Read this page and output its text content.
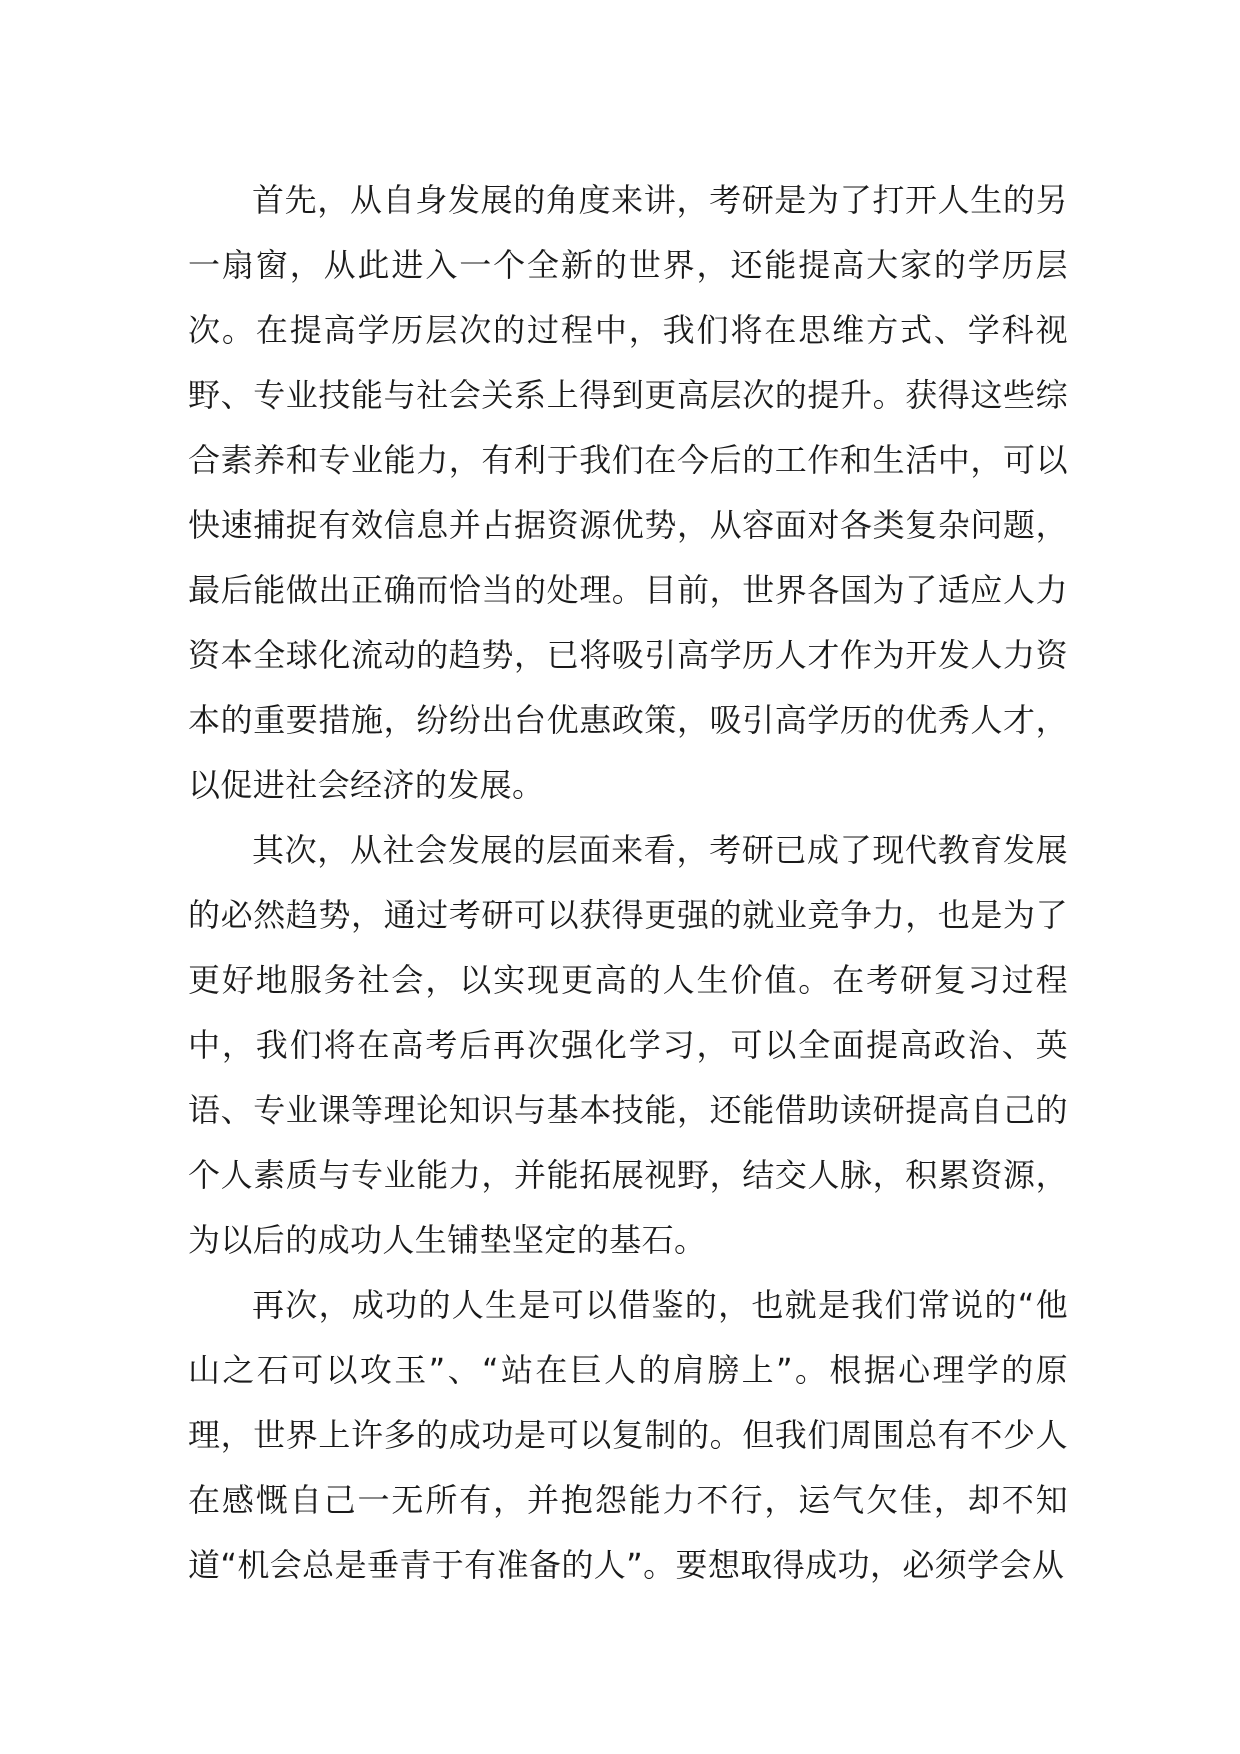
首先，从自身发展的角度来讲，考研是为了打开人生的另一扇窗，从此进入一个全新的世界，还能提高大家的学历层次。在提高学历层次的过程中，我们将在思维方式、学科视野、专业技能与社会关系上得到更高层次的提升。获得这些综合素养和专业能力，有利于我们在今后的工作和生活中，可以快速捕捉有效信息并占据资源优势，从容面对各类复杂问题，最后能做出正确而恰当的处理。目前，世界各国为了适应人力资本全球化流动的趋势，已将吸引高学历人才作为开发人力资本的重要措施，纷纷出台优惠政策，吸引高学历的优秀人才，以促进社会经济的发展。

其次，从社会发展的层面来看，考研已成了现代教育发展的必然趋势，通过考研可以获得更强的就业竞争力，也是为了更好地服务社会，以实现更高的人生价值。在考研复习过程中，我们将在高考后再次强化学习，可以全面提高政治、英语、专业课等理论知识与基本技能，还能借助读研提高自己的个人素质与专业能力，并能拓展视野，结交人脉，积累资源，为以后的成功人生铺垫坚定的基石。

再次，成功的人生是可以借鉴的，也就是我们常说的“他山之石可以攻玉”、“站在巨人的肩膀上”。根据心理学的原理，世界上许多的成功是可以复制的。但我们周围总有不少人在感慨自己一无所有，并抱怨能力不行，运气欠佳，却不知道“机会总是垂青于有准备的人”。要想取得成功，必须学会从
